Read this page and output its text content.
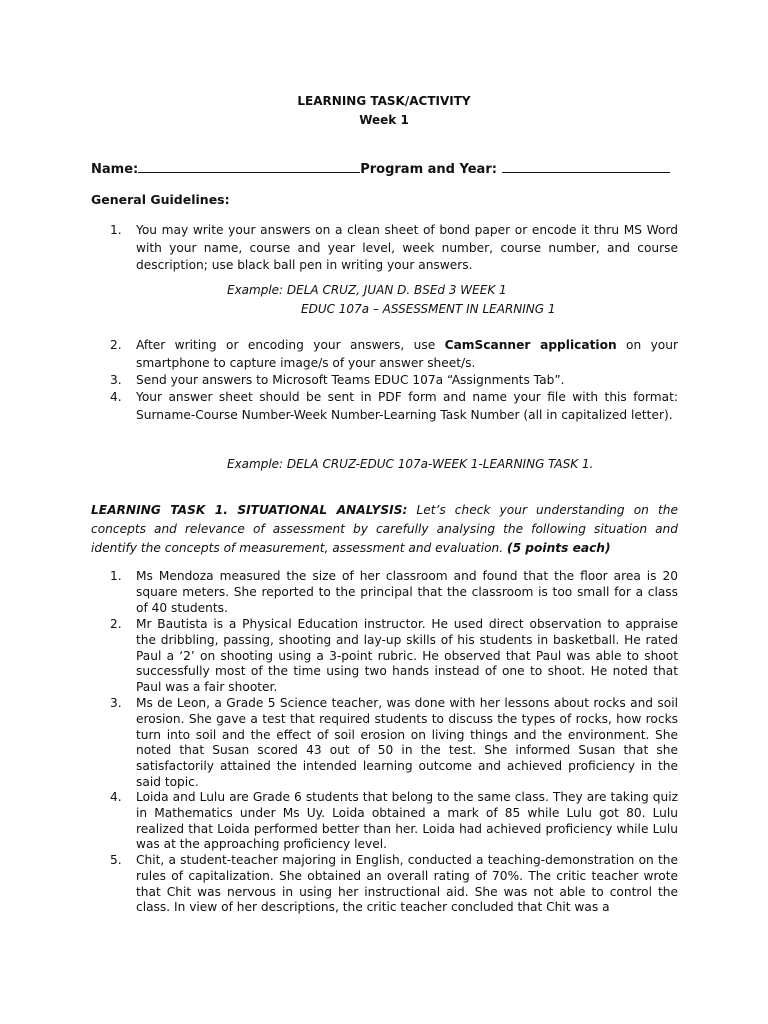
LEARNING TASK/ACTIVITY
Week 1
Name:	Program and Year:
General Guidelines:
1. You may write your answers on a clean sheet of bond paper or encode it thru MS Word with your name, course and year level, week number, course number, and course description; use black ball pen in writing your answers.
Example: DELA CRUZ, JUAN D. BSEd 3 WEEK 1
EDUC 107a – ASSESSMENT IN LEARNING 1
2. After writing or encoding your answers, use CamScanner application on your smartphone to capture image/s of your answer sheet/s.
3. Send your answers to Microsoft Teams EDUC 107a “Assignments Tab”.
4. Your answer sheet should be sent in PDF form and name your file with this format: Surname-Course Number-Week Number-Learning Task Number (all in capitalized letter).
Example: DELA CRUZ-EDUC 107a-WEEK 1-LEARNING TASK 1.
LEARNING TASK 1. SITUATIONAL ANALYSIS: Let’s check your understanding on the concepts and relevance of assessment by carefully analysing the following situation and identify the concepts of measurement, assessment and evaluation. (5 points each)
1. Ms Mendoza measured the size of her classroom and found that the floor area is 20 square meters. She reported to the principal that the classroom is too small for a class of 40 students.
2. Mr Bautista is a Physical Education instructor. He used direct observation to appraise the dribbling, passing, shooting and lay-up skills of his students in basketball. He rated Paul a ‘2’ on shooting using a 3-point rubric. He observed that Paul was able to shoot successfully most of the time using two hands instead of one to shoot. He noted that Paul was a fair shooter.
3. Ms de Leon, a Grade 5 Science teacher, was done with her lessons about rocks and soil erosion. She gave a test that required students to discuss the types of rocks, how rocks turn into soil and the effect of soil erosion on living things and the environment. She noted that Susan scored 43 out of 50 in the test. She informed Susan that she satisfactorily attained the intended learning outcome and achieved proficiency in the said topic.
4. Loida and Lulu are Grade 6 students that belong to the same class. They are taking quiz in Mathematics under Ms Uy. Loida obtained a mark of 85 while Lulu got 80. Lulu realized that Loida performed better than her. Loida had achieved proficiency while Lulu was at the approaching proficiency level.
5. Chit, a student-teacher majoring in English, conducted a teaching-demonstration on the rules of capitalization. She obtained an overall rating of 70%. The critic teacher wrote that Chit was nervous in using her instructional aid. She was not able to control the class. In view of her descriptions, the critic teacher concluded that Chit was a
